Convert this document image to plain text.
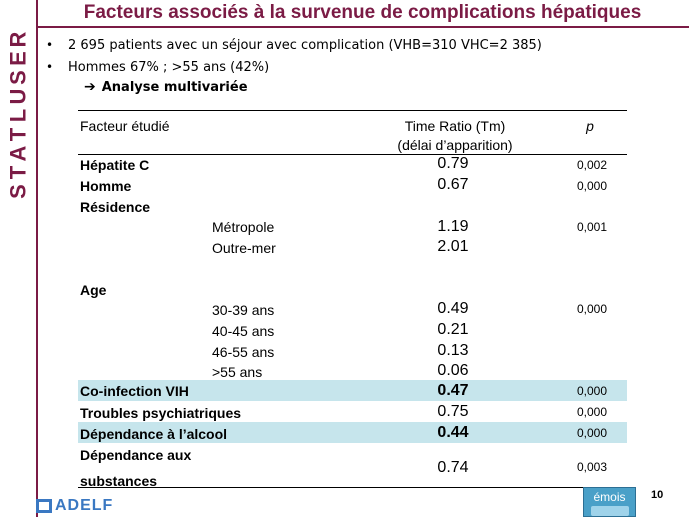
R
E
S
U
L
T
A
T
S
Facteurs associés à la survenue de complications hépatiques
•	2 695 patients avec un séjour avec complication (VHB=310 VHC=2 385)
•	Hommes 67% ; >55 ans (42%)
➔ Analyse multivariée
Facteur étudié	Time Ratio (Tm)
(délai d’apparition)
p
Hépatite C	0.79	0,002
Homme	0.67	0,000
Résidence
Métropole	1.19	0,001
Outre-mer	2.01
Age
30-39 ans	0.49	0,000
40-45 ans	0.21
46-55 ans	0.13
>55 ans	0.06
Co-infection VIH	0.47	0,000
Troubles psychiatriques	0.75	0,000
Dépendance à l’alcool	0.44	0,000
Dépendance aux
substances
0.74	0,003
ADELF	émois	10
